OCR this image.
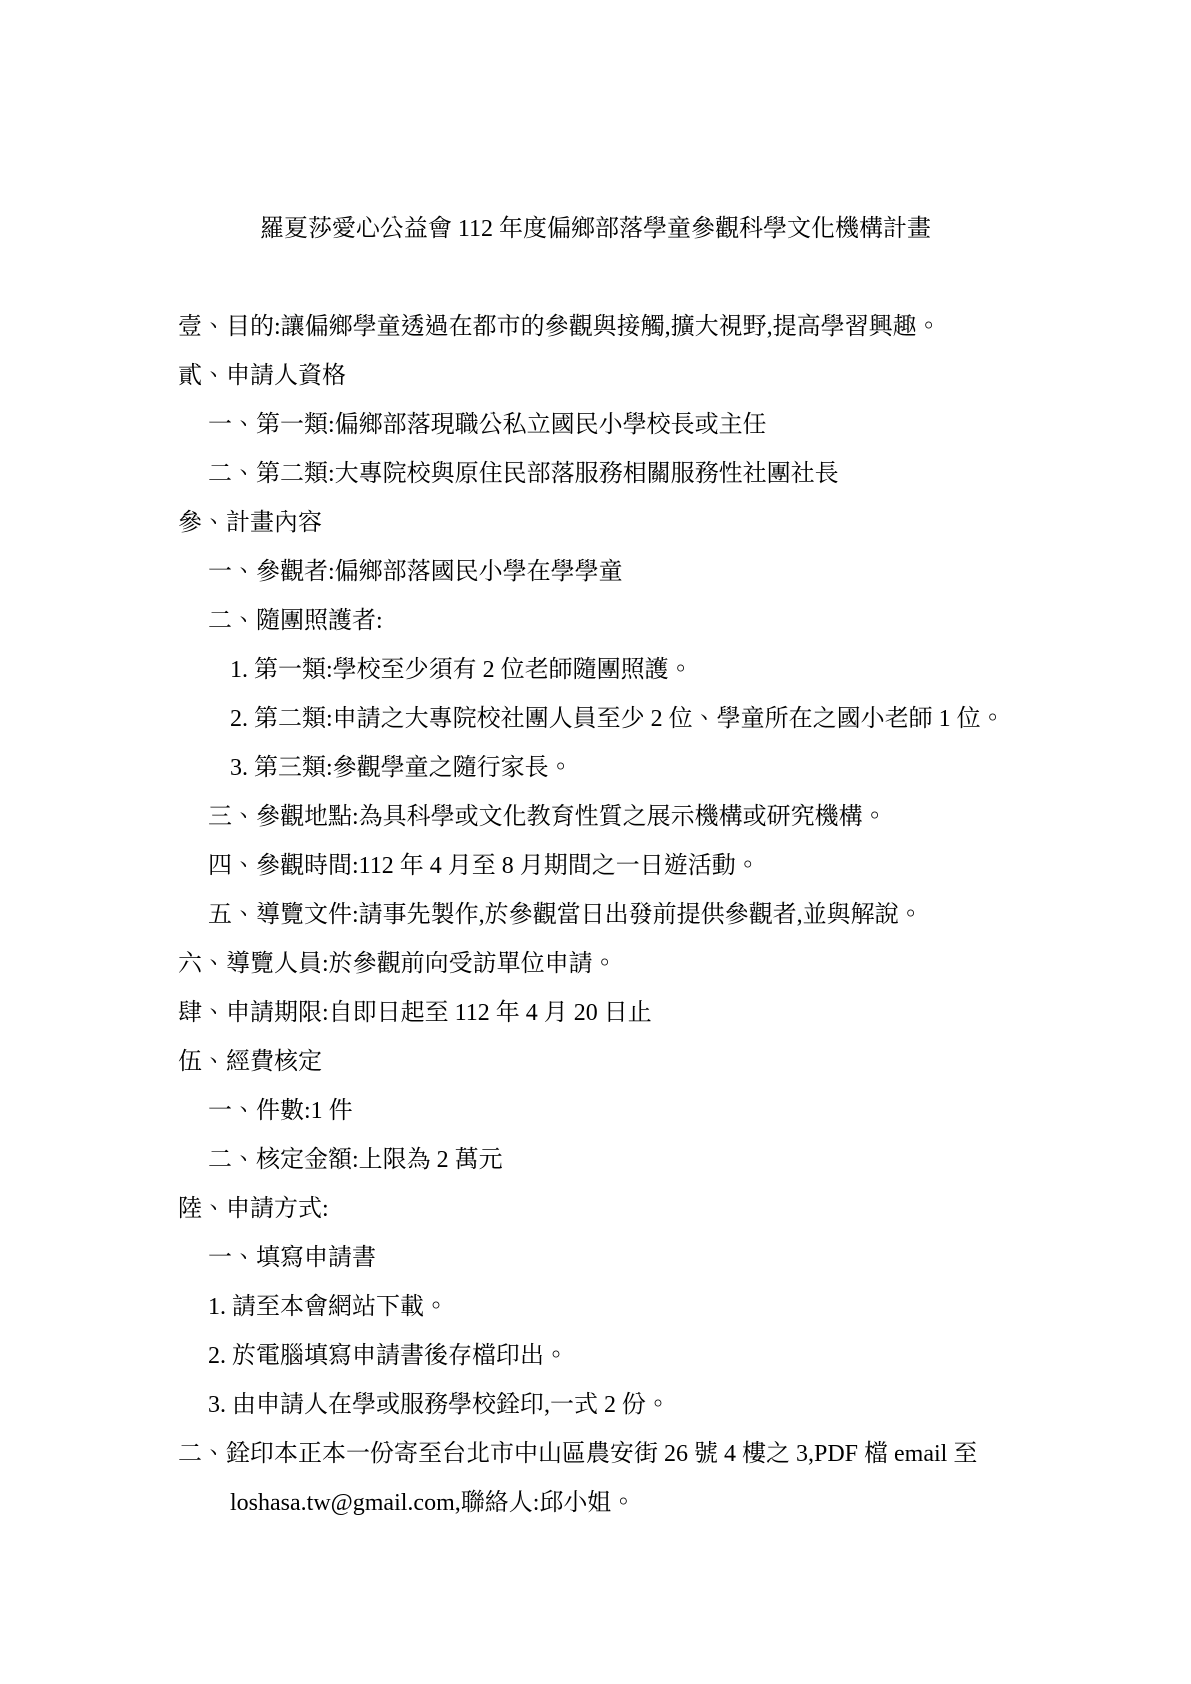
羅夏莎愛心公益會 112 年度偏鄉部落學童參觀科學文化機構計畫
壹、目的:讓偏鄉學童透過在都市的參觀與接觸,擴大視野,提高學習興趣。
貳、申請人資格
一、第一類:偏鄉部落現職公私立國民小學校長或主任
二、第二類:大專院校與原住民部落服務相關服務性社團社長
參、計畫內容
一、參觀者:偏鄉部落國民小學在學學童
二、隨團照護者:
1. 第一類:學校至少須有 2 位老師隨團照護。
2. 第二類:申請之大專院校社團人員至少 2 位、學童所在之國小老師 1 位。
3. 第三類:參觀學童之隨行家長。
三、參觀地點:為具科學或文化教育性質之展示機構或研究機構。
四、參觀時間:112 年 4 月至 8 月期間之一日遊活動。
五、導覽文件:請事先製作,於參觀當日出發前提供參觀者,並與解說。
六、導覽人員:於參觀前向受訪單位申請。
肆、申請期限:自即日起至 112 年 4 月 20 日止
伍、經費核定
一、件數:1 件
二、核定金額:上限為 2 萬元
陸、申請方式:
一、填寫申請書
1. 請至本會網站下載。
2. 於電腦填寫申請書後存檔印出。
3. 由申請人在學或服務學校銓印,一式 2 份。
二、銓印本正本一份寄至台北市中山區農安街 26 號 4 樓之 3,PDF 檔 email 至
loshasa.tw@gmail.com,聯絡人:邱小姐。
